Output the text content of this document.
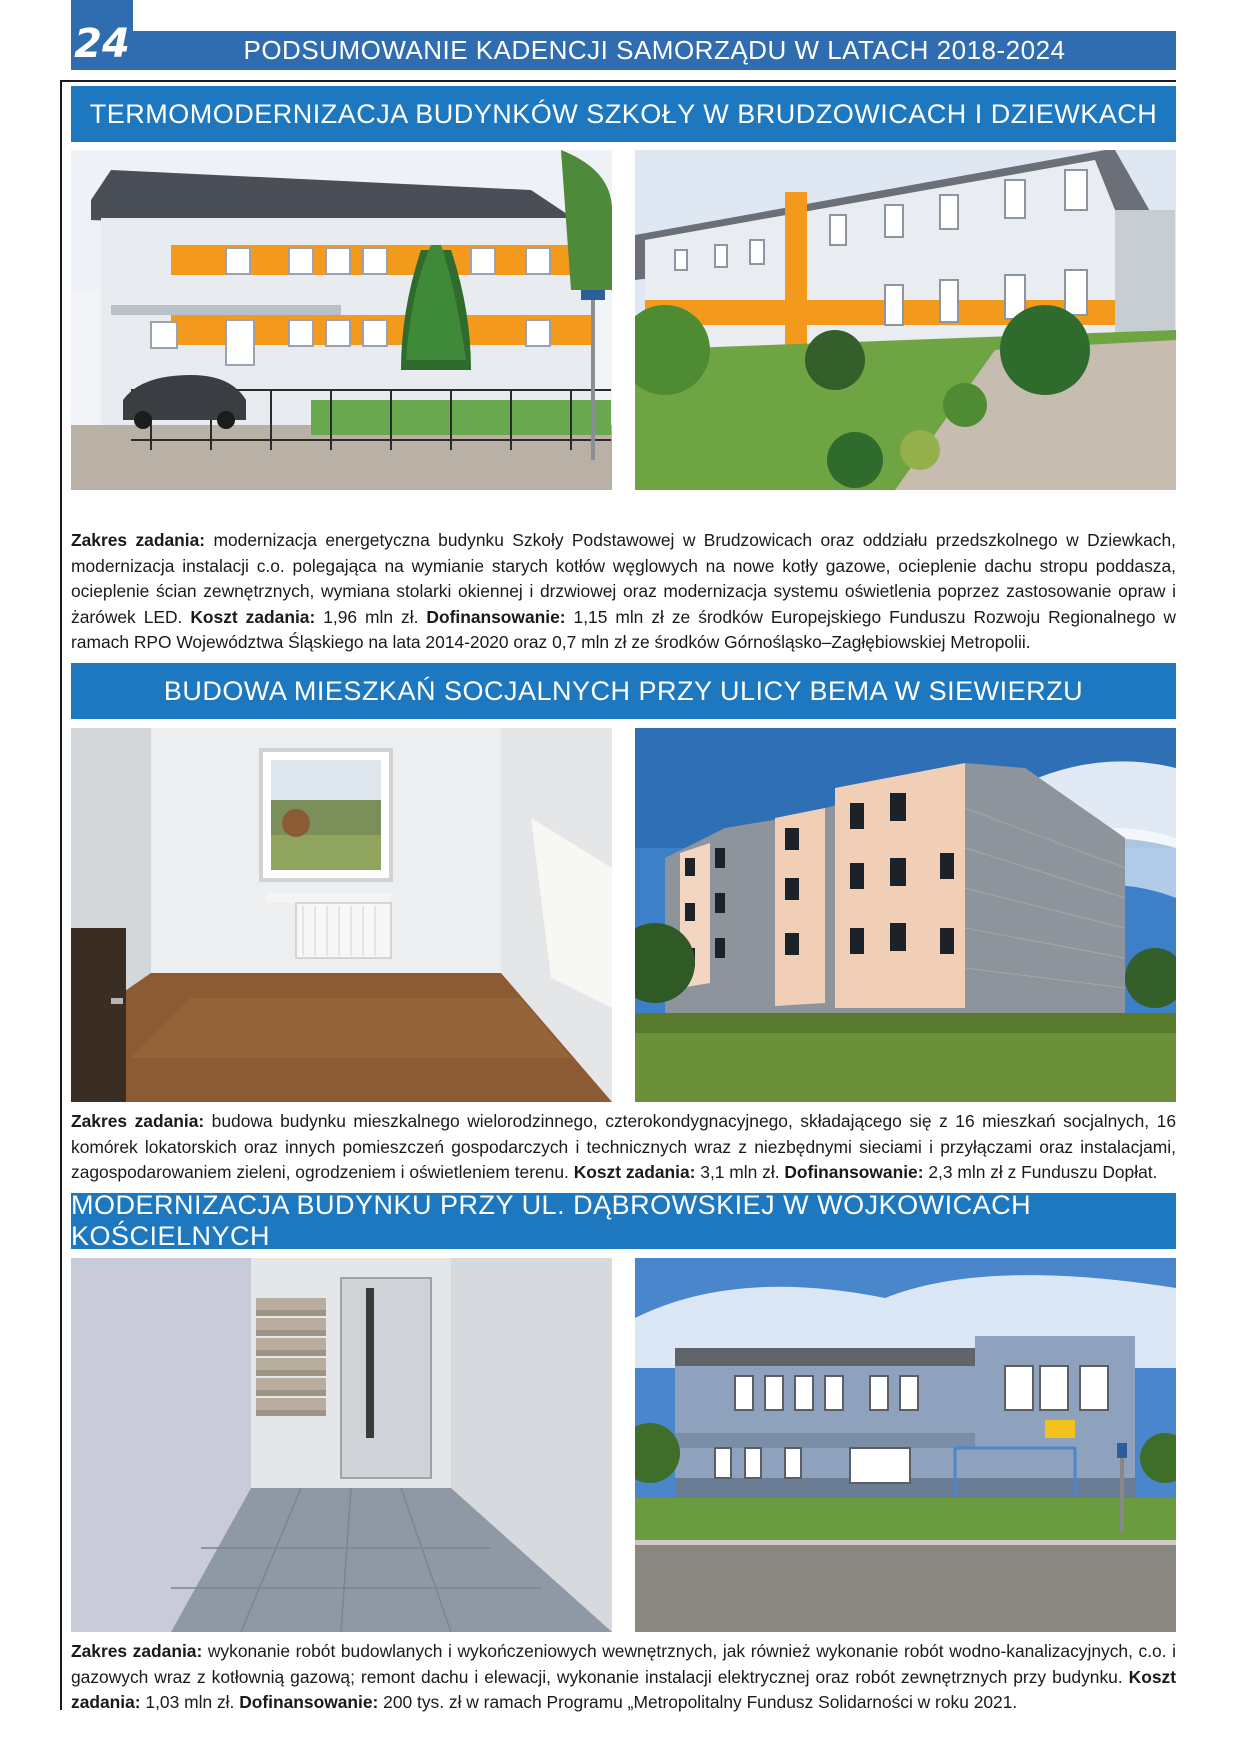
24	PODSUMOWANIE KADENCJI SAMORZĄDU W LATACH 2018-2024
TERMOMODERNIZACJA BUDYNKÓW SZKOŁY W BRUDZOWICACH I DZIEWKACH
Zakres zadania: modernizacja energetyczna budynku Szkoły Podstawowej w Brudzowicach oraz oddziału przedszkolnego w Dziewkach, modernizacja instalacji c.o. polegająca na wymianie starych kotłów węglowych na nowe kotły gazowe, ocieplenie dachu stropu poddasza, ocieplenie ścian zewnętrznych, wymiana stolarki okiennej i drzwiowej oraz modernizacja systemu oświetlenia poprzez zastosowanie opraw i żarówek LED. Koszt zadania: 1,96 mln zł. Dofinansowanie: 1,15 mln zł ze środków Europejskiego Funduszu Rozwoju Regionalnego w ramach RPO Województwa Śląskiego na lata 2014-2020 oraz 0,7 mln zł ze środków Górnośląsko–Zagłębiowskiej Metropolii.
BUDOWA MIESZKAŃ SOCJALNYCH PRZY ULICY BEMA W SIEWIERZU
Zakres zadania: budowa budynku mieszkalnego wielorodzinnego, czterokondygnacyjnego, składającego się z 16 mieszkań socjalnych, 16 komórek lokatorskich oraz innych pomieszczeń gospodarczych i technicznych wraz z niezbędnymi sieciami i przyłączami oraz instalacjami, zagospodarowaniem zieleni, ogrodzeniem i oświetleniem terenu. Koszt zadania: 3,1 mln zł. Dofinansowanie: 2,3 mln zł z Funduszu Dopłat.
MODERNIZACJA BUDYNKU PRZY UL. DĄBROWSKIEJ W WOJKOWICACH KOŚCIELNYCH
Zakres zadania: wykonanie robót budowlanych i wykończeniowych wewnętrznych, jak również wykonanie robót wodno-kanalizacyjnych, c.o. i gazowych wraz z kotłownią gazową; remont dachu i elewacji, wykonanie instalacji elektrycznej oraz robót zewnętrznych przy budynku. Koszt zadania: 1,03 mln zł. Dofinansowanie: 200 tys. zł w ramach Programu „Metropolitalny Fundusz Solidarności w roku 2021.
